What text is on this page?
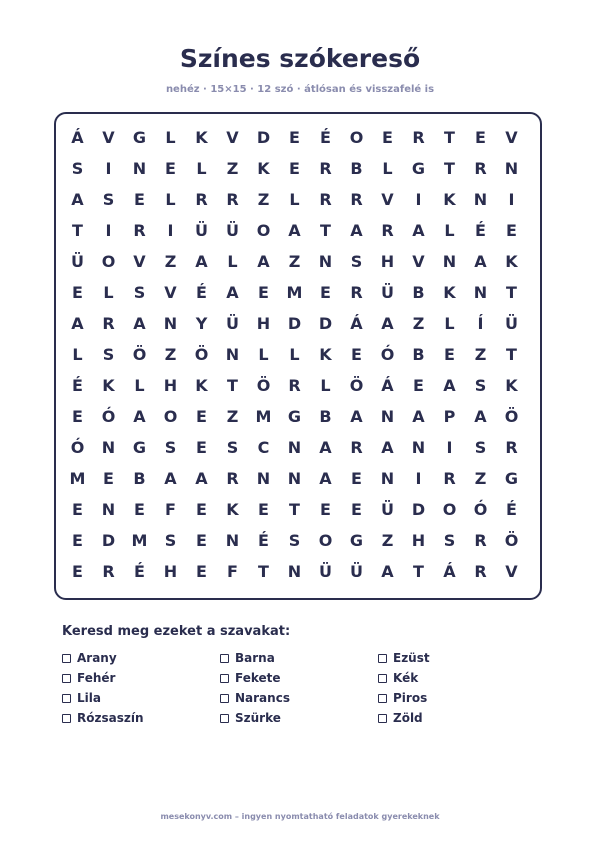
Színes szókereső
nehéz · 15×15 · 12 szó · átlósan és visszafelé is
Á	V	G	L	K	V	D	E	É	O	E	R	T	E	V
S	I	N	E	L	Z	K	E	R	B	L	G	T	R	N
A	S	E	L	R	R	Z	L	R	R	V	I	K	N	I
T	I	R	I	Ü	Ü	O	A	T	A	R	A	L	É	E
Ü	O	V	Z	A	L	A	Z	N	S	H	V	N	A	K
E	L	S	V	É	A	E	M	E	R	Ü	B	K	N	T
A	R	A	N	Y	Ü	H	D	D	Á	A	Z	L	Í	Ü
L	S	Ö	Z	Ö	N	L	L	K	E	Ó	B	E	Z	T
É	K	L	H	K	T	Ö	R	L	Ö	Á	E	A	S	K
E	Ó	A	O	E	Z	M	G	B	A	N	A	P	A	Ö
Ó	N	G	S	E	S	C	N	A	R	A	N	I	S	R
M	E	B	A	A	R	N	N	A	E	N	I	R	Z	G
E	N	E	F	E	K	E	T	E	E	Ü	D	O	Ó	É
E	D	M	S	E	N	É	S	O	G	Z	H	S	R	Ö
E	R	É	H	E	F	T	N	Ü	Ü	A	T	Á	R	V
Keresd meg ezeket a szavakat:
Arany	Barna	Ezüst
Fehér	Fekete	Kék
Lila	Narancs	Piros
Rózsaszín	Szürke	Zöld
mesekonyv.com – ingyen nyomtatható feladatok gyerekeknek
